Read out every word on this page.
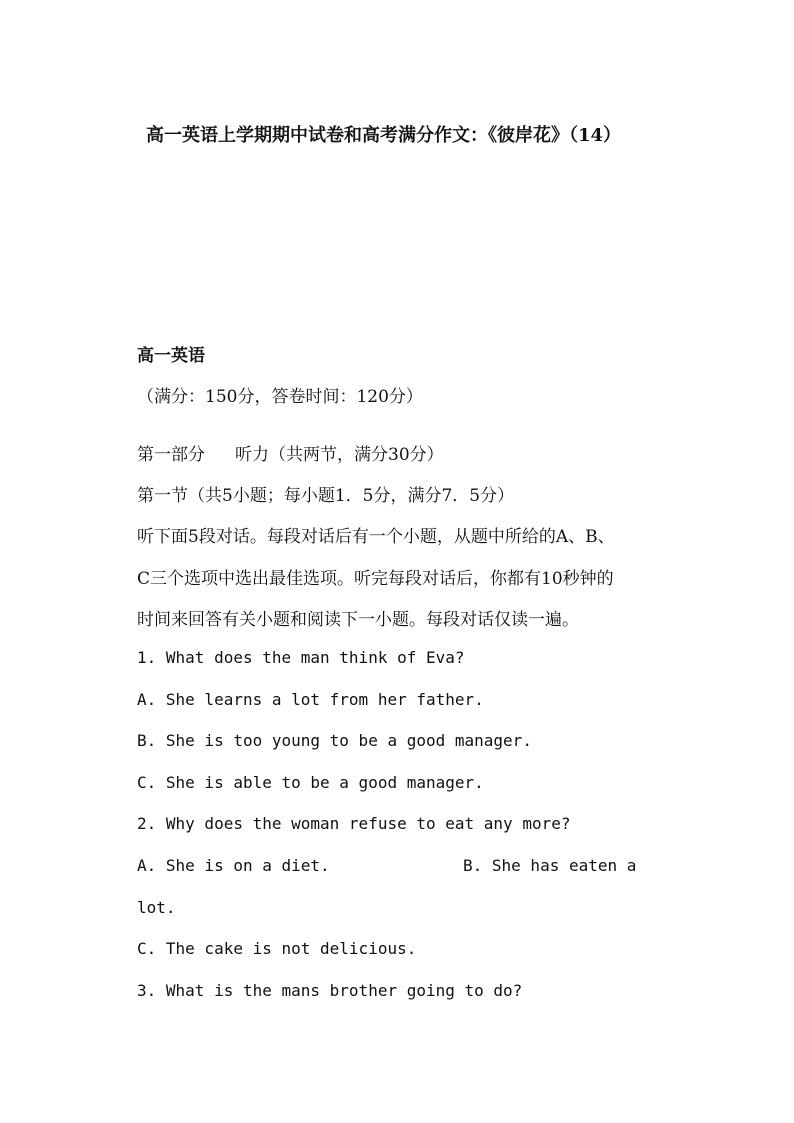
高一英语上学期期中试卷和高考满分作文：《彼岸花》（14）
高一英语
（满分：150分，答卷时间：120分）
第一部分 听力（共两节，满分30分）
第一节（共5小题；每小题1．5分，满分7．5分）
听下面5段对话。每段对话后有一个小题，从题中所给的A、B、
C三个选项中选出最佳选项。听完每段对话后，你都有10秒钟的
时间来回答有关小题和阅读下一小题。每段对话仅读一遍。
1. What does the man think of Eva?
A. She learns a lot from her father.
B. She is too young to be a good manager.
C. She is able to be a good manager.
2. Why does the woman refuse to eat any more?
A. She is on a diet.	B. She has eaten a
lot.
C. The cake is not delicious.
3. What is the mans brother going to do?
